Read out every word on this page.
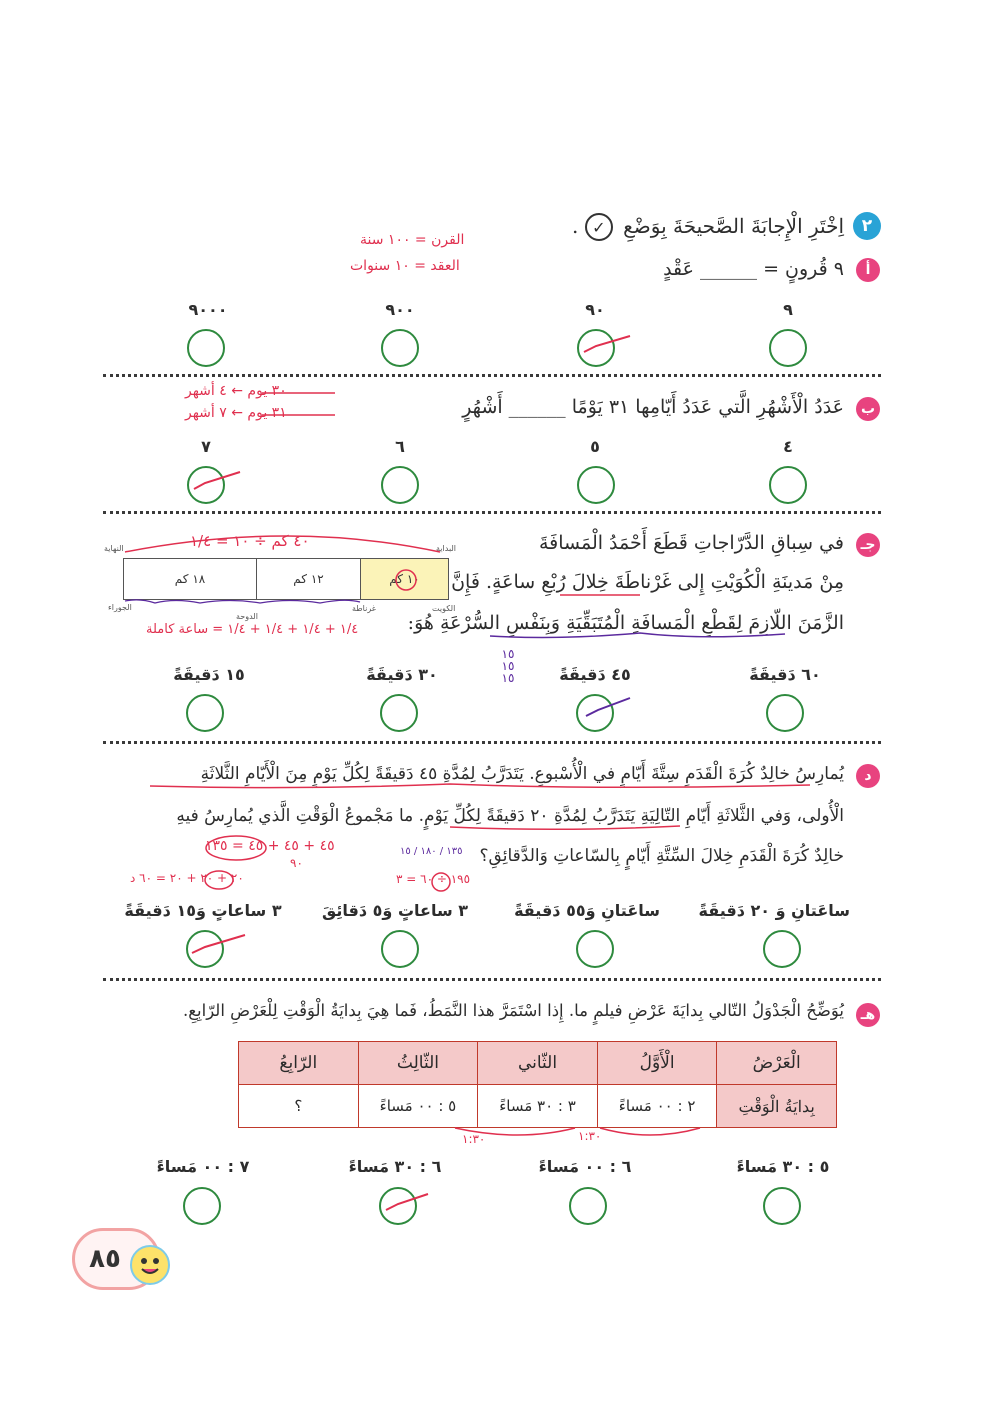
٢
اِخْتَرِ الْإِجابَةَ الصَّحيحَةَ بِوَضْعِ ✓ .
أ
٩ قُرونٍ = ______ عَقْدٍ
القرن = ١٠٠ سنة
العقد = ١٠ سنوات
٩
٩٠
٩٠٠
٩٠٠٠
ب
عَدَدُ الْأَشْهُرِ الَّتي عَدَدُ أَيّامِها ٣١ يَوْمًا ______ أَشْهُرٍ
٣٠ يوم ← ٤ أشهر
٣١ يوم ← ٧ أشهر
٤
٥
٦
٧
جـ
في سِباقِ الدَّرّاجاتِ قَطَعَ أَحْمَدُ الْمَسافَةَ
مِنْ مَدينَةِ الْكُوَيْتِ إِلى غَرْناطَةَ خِلالَ رُبْعِ ساعَةٍ. فَإِنَّ
الزَّمَنَ اللّازِمَ لِقَطْعِ الْمَسافَةِ الْمُتَبَقِّيَةِ وَبِنَفْسِ السُّرْعَةِ هُوَ:
٤٠ كم ÷ ١٠ = ١/٤
النهاية	البداية
١٠ كم
١٢ كم
١٨ كم
الجوراء
الدوحة
غرناطة	الكويت
١/٤ + ١/٤ + ١/٤ + ١/٤ = ساعة كاملة
١٥ ١٥ ١٥	٦٠ دَقيقَةً
٤٥ دَقيقَةً
٣٠ دَقيقَةً
١٥ دَقيقَةً
د
يُمارِسُ خالِدٌ كُرَةَ الْقَدَمِ سِتَّةَ أَيّامٍ في الْأُسْبوعِ. يَتَدَرَّبُ لِمُدَّةِ ٤٥ دَقيقَةً لِكُلِّ يَوْمٍ مِنَ الْأَيّامِ الثَّلاثَةِ
الْأُولى، وَفي الثَّلاثَةِ أَيّامِ التّالِيَةِ يَتَدَرَّبُ لِمُدَّةِ ٢٠ دَقيقَةً لِكُلِّ يَوْمٍ. ما مَجْموعُ الْوَقْتِ الَّذي يُمارِسُ فيهِ
خالِدٌ كُرَةَ الْقَدَمِ خِلالَ السِّتَّةِ أَيّامٍ بِالسّاعاتِ وَالدَّقائِقِ؟
٤٥ + ٤٥ + ٤٥ = ١٣٥
٩٠
٢٠ + ٢٠ + ٢٠ = ٦٠ د	١٩٥ ÷ ٦٠ = ٣
١٣٥ / ١٨٠ / ١٥
ساعَتانِ وَ ٢٠ دَقيقَةً
ساعَتانِ وَ٥٥ دَقيقَةً
٣ ساعاتٍ وَ٥ دَقائِقَ
٣ ساعاتٍ وَ١٥ دَقيقَةً
هـ
يُوَضِّحُ الْجَدْوَلُ التّالي بِدايَةَ عَرْضِ فيلمٍ ما. إِذا اسْتَمَرَّ هذا النَّمَطُ، فَما هِيَ بِدايَةُ الْوَقْتِ لِلْعَرْضِ الرّابِعِ.
الْعَرْضُ	الْأَوَّلُ	الثّاني	الثّالِثُ	الرّابِعُ
بِدايَةُ الْوَقْتِ	٢ : ٠٠ مَساءً	٣ : ٣٠ مَساءً	٥ : ٠٠ مَساءً	؟
١:٣٠
١:٣٠
٥ : ٣٠ مَساءً
٦ : ٠٠ مَساءً
٦ : ٣٠ مَساءً
٧ : ٠٠ مَساءً
٨٥
